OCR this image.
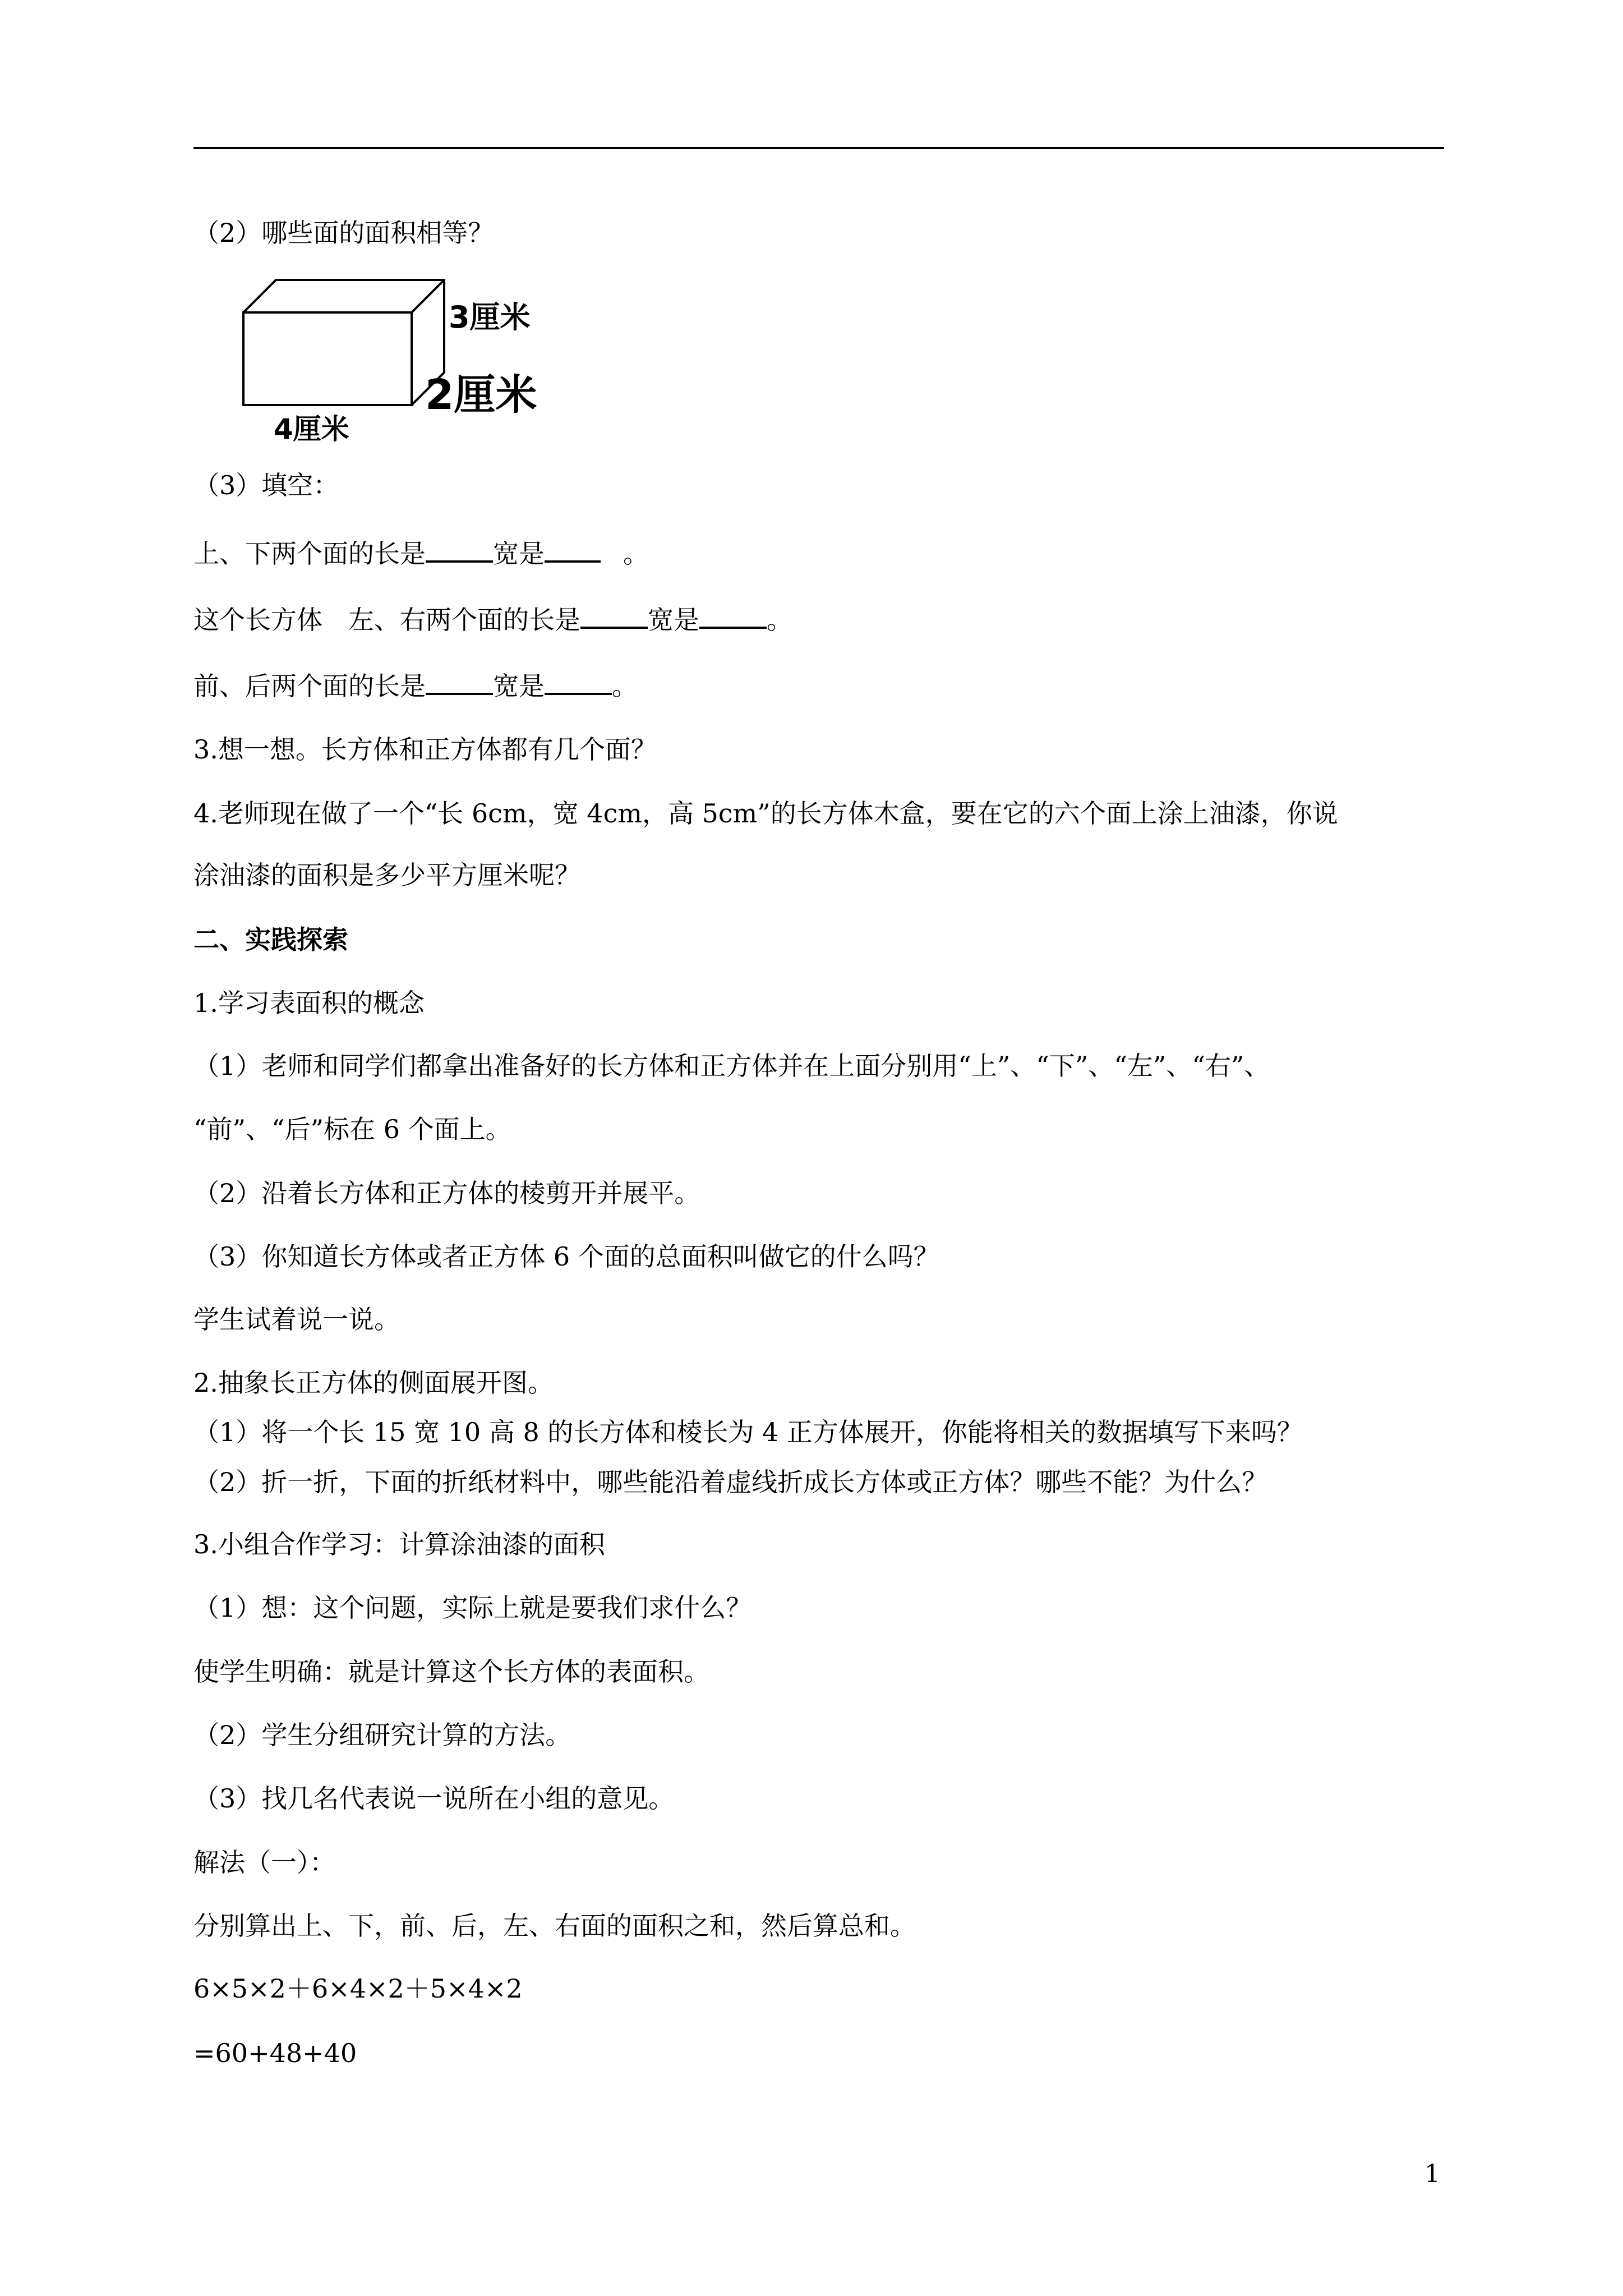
（2）哪些面的面积相等？
3厘米
2厘米
4厘米
（3）填空：
上、下两个面的长是	宽是	。
这个长方体　左、右两个面的长是	宽是	。
前、后两个面的长是	宽是	。
3.想一想。长方体和正方体都有几个面？
4.老师现在做了一个“长 6cm，宽 4cm，高 5cm”的长方体木盒，要在它的六个面上涂上油漆，你说
涂油漆的面积是多少平方厘米呢？
二、实践探索
1.学习表面积的概念
（1）老师和同学们都拿出准备好的长方体和正方体并在上面分别用“上”、“下”、“左”、“右”、
“前”、“后”标在 6 个面上。
（2）沿着长方体和正方体的棱剪开并展平。
（3）你知道长方体或者正方体 6 个面的总面积叫做它的什么吗？
学生试着说一说。
2.抽象长正方体的侧面展开图。
（1）将一个长 15 宽 10 高 8 的长方体和棱长为 4 正方体展开，你能将相关的数据填写下来吗？
（2）折一折，下面的折纸材料中，哪些能沿着虚线折成长方体或正方体？哪些不能？为什么？
3.小组合作学习：计算涂油漆的面积
（1）想：这个问题，实际上就是要我们求什么？
使学生明确：就是计算这个长方体的表面积。
（2）学生分组研究计算的方法。
（3）找几名代表说一说所在小组的意见。
解法（一）：
分别算出上、下，前、后，左、右面的面积之和，然后算总和。
6×5×2＋6×4×2＋5×4×2
=60+48+40
1
